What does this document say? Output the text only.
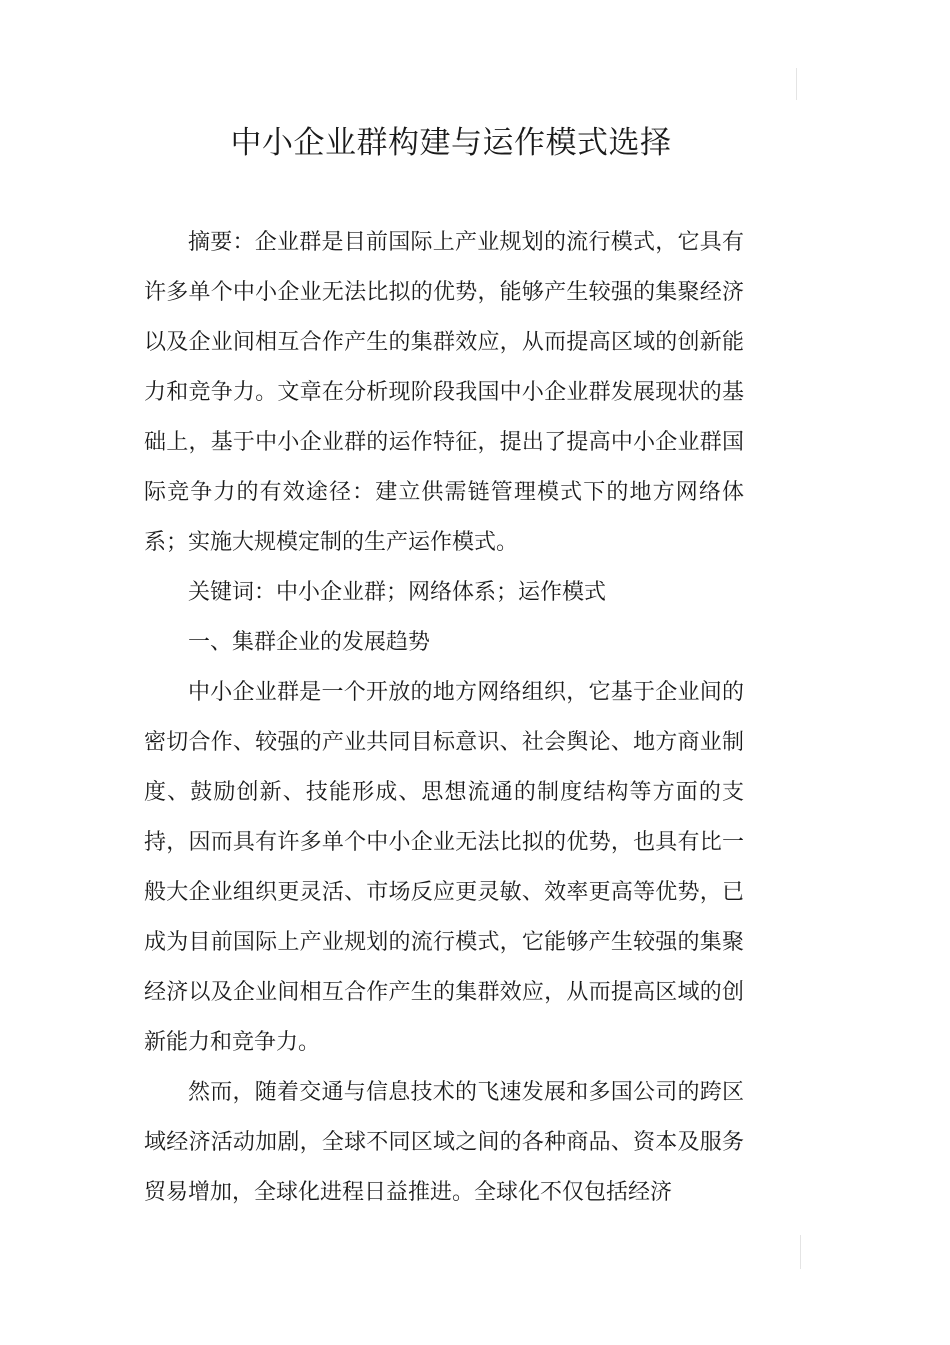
中小企业群构建与运作模式选择

摘要：企业群是目前国际上产业规划的流行模式，它具有许多单个中小企业无法比拟的优势，能够产生较强的集聚经济以及企业间相互合作产生的集群效应，从而提高区域的创新能力和竞争力。文章在分析现阶段我国中小企业群发展现状的基础上，基于中小企业群的运作特征，提出了提高中小企业群国际竞争力的有效途径：建立供需链管理模式下的地方网络体系；实施大规模定制的生产运作模式。

关键词：中小企业群；网络体系；运作模式

一、集群企业的发展趋势

中小企业群是一个开放的地方网络组织，它基于企业间的密切合作、较强的产业共同目标意识、社会舆论、地方商业制度、鼓励创新、技能形成、思想流通的制度结构等方面的支持，因而具有许多单个中小企业无法比拟的优势，也具有比一般大企业组织更灵活、市场反应更灵敏、效率更高等优势，已成为目前国际上产业规划的流行模式，它能够产生较强的集聚经济以及企业间相互合作产生的集群效应，从而提高区域的创新能力和竞争力。

然而，随着交通与信息技术的飞速发展和多国公司的跨区域经济活动加剧，全球不同区域之间的各种商品、资本及服务贸易增加，全球化进程日益推进。全球化不仅包括经济
